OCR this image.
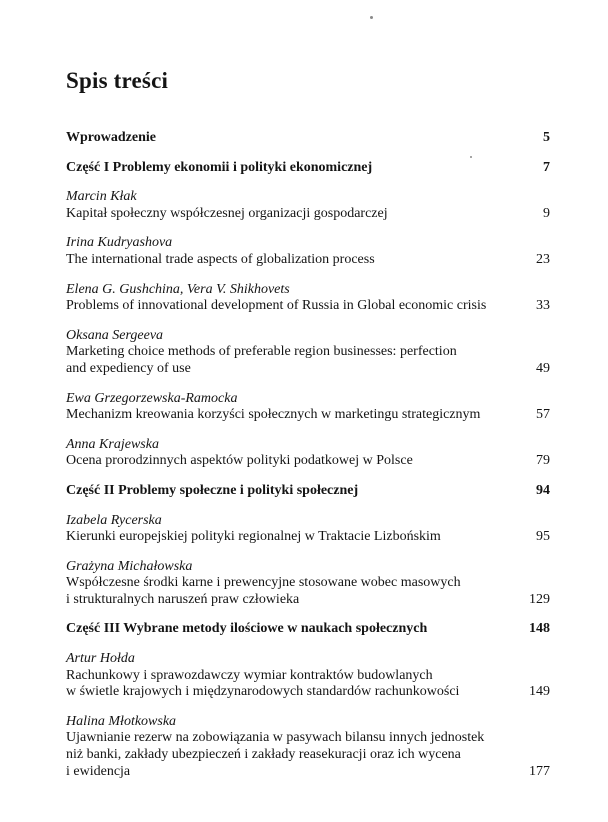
Spis treści
Wprowadzenie	5
Część I Problemy ekonomii i polityki ekonomicznej	7
Marcin Kłak
Kapitał społeczny współczesnej organizacji gospodarczej	9
Irina Kudryashova
The international trade aspects of globalization process	23
Elena G. Gushchina, Vera V. Shikhovets
Problems of innovational development of Russia in Global economic crisis	33
Oksana Sergeeva
Marketing choice methods of preferable region businesses: perfection
and expediency of use	49
Ewa Grzegorzewska-Ramocka
Mechanizm kreowania korzyści społecznych w marketingu strategicznym	57
Anna Krajewska
Ocena prorodzinnych aspektów polityki podatkowej w Polsce	79
Część II Problemy społeczne i polityki społecznej	94
Izabela Rycerska
Kierunki europejskiej polityki regionalnej w Traktacie Lizbońskim	95
Grażyna Michałowska
Współczesne środki karne i prewencyjne stosowane wobec masowych
i strukturalnych naruszeń praw człowieka	129
Część III Wybrane metody ilościowe w naukach społecznych	148
Artur Hołda
Rachunkowy i sprawozdawczy wymiar kontraktów budowlanych
w świetle krajowych i międzynarodowych standardów rachunkowości	149
Halina Młotkowska
Ujawnianie rezerw na zobowiązania w pasywach bilansu innych jednostek
niż banki, zakłady ubezpieczeń i zakłady reasekuracji oraz ich wycena
i ewidencja	177
